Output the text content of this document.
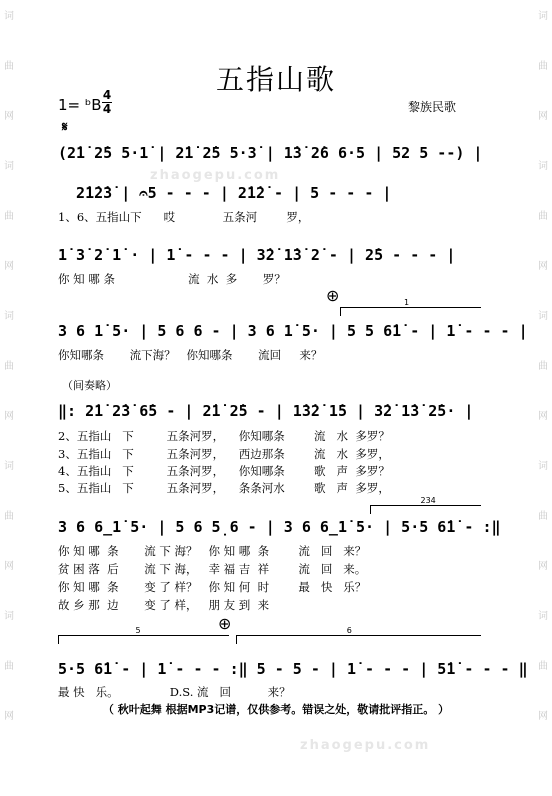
词
曲
网
词
曲
网
词
曲
网
词
曲
网
词
曲
网
词
曲
网
词
曲
网
词
曲
网
词
曲
网
词
曲
网
zhaogepu.com
zhaogepu.com
五指山歌
1= ᵇB
4
4	黎族民歌
𝄋
(2̇1̇ 2̇5 5·1̇ | 2̇1̇ 2̇5 5·3̇ | 1̇3̇ 2̇6 6·5 | 52 5 --) |
2̇1̇2̇3̇ | 𝄐5 - - - | 2̇1̇2̇ - | 5 - - - |
1、6、五指山下      哎             五条河        罗，
1̇ 3̇ 2̇ 1̇ · | 1̇ - - - | 3̇2̇ 1̇3̇ 2̇ - | 2̇5 - - - |
你 知 哪 条                    流  水  多       罗？
⊕	1
3 6 1̇ 5· | 5 6 6 - | 3 6 1̇ 5· | 5 5 6̇1̇ - | 1̇ - - - |
你知哪条       流下海？   你知哪条       流回     来？
（间奏略）
‖: 2̇1̇ 2̇3̇ 6̇5 - | 2̇1̇ 2̇5 - | 1̇3̇2̇ 1̇5 | 3̇2̇ 1̇3̇ 2̇5· |
2、五指山   下         五条河罗，    你知哪条        流   水  多罗？
3、五指山   下         五条河罗，    西边那条        流   水  多罗，
4、五指山   下         五条河罗，    你知哪条        歌   声  多罗？
5、五指山   下         五条河罗，    条条河水        歌   声  多罗，
234
3 6 6̲1̇ 5· | 5 6 5̣6 - | 3 6 6̲1̇ 5· | 5·5 6̇1̇ - :‖
你 知 哪  条       流 下 海？   你 知 哪  条        流   回   来？
贫 困 落  后       流 下 海，   幸 福 吉  祥        流   回   来。
你 知 哪  条       变 了 样？   你 知 何  时        最   快   乐？
故 乡 那  边       变 了 样，   朋 友 到  来
⊕
5	6
5·5 6̇1̇ - | 1̇ - - - :‖ 5 - 5 - | 1̇ - - - | 5̇1̇ - - - ‖
最 快   乐。              D.S. 流   回          来？
（ 秋叶起舞 根据MP3记谱，仅供参考。错误之处，敬请批评指正。 ）
